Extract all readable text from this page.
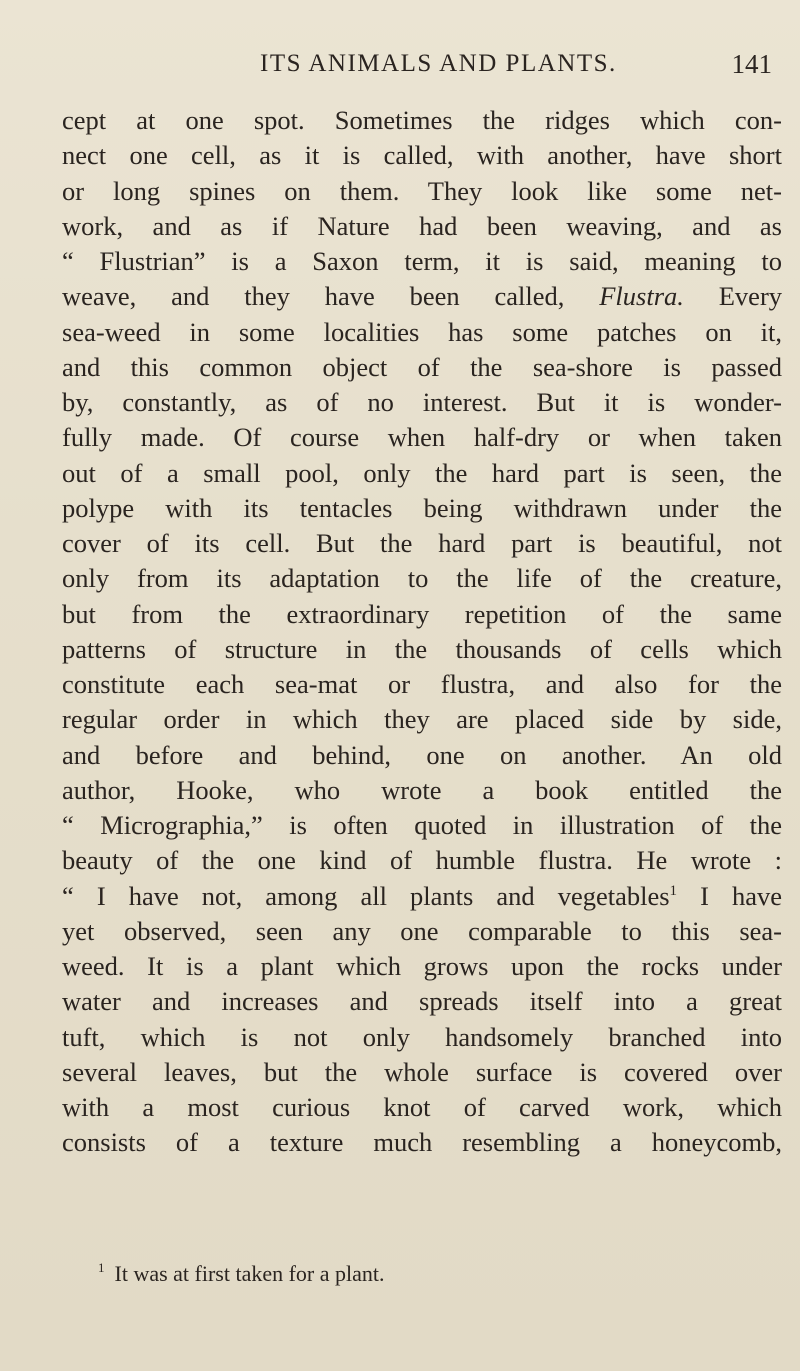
ITS ANIMALS AND PLANTS.	141
cept at one spot. Sometimes the ridges which con-
nect one cell, as it is called, with another, have short
or long spines on them. They look like some net-
work, and as if Nature had been weaving, and as
“ Flustrian” is a Saxon term, it is said, meaning to
weave, and they have been called, Flustra. Every
sea-weed in some localities has some patches on it,
and this common object of the sea-shore is passed
by, constantly, as of no interest. But it is wonder-
fully made. Of course when half-dry or when taken
out of a small pool, only the hard part is seen, the
polype with its tentacles being withdrawn under the
cover of its cell. But the hard part is beautiful, not
only from its adaptation to the life of the creature,
but from the extraordinary repetition of the same
patterns of structure in the thousands of cells which
constitute each sea-mat or flustra, and also for the
regular order in which they are placed side by side,
and before and behind, one on another. An old
author, Hooke, who wrote a book entitled the
“ Micrographia,” is often quoted in illustration of the
beauty of the one kind of humble flustra. He wrote :
“ I have not, among all plants and vegetables$^1$ I have
yet observed, seen any one comparable to this sea-
weed. It is a plant which grows upon the rocks under
water and increases and spreads itself into a great
tuft, which is not only handsomely branched into
several leaves, but the whole surface is covered over
with a most curious knot of carved work, which
consists of a texture much resembling a honeycomb,
$^1$ It was at first taken for a plant.
